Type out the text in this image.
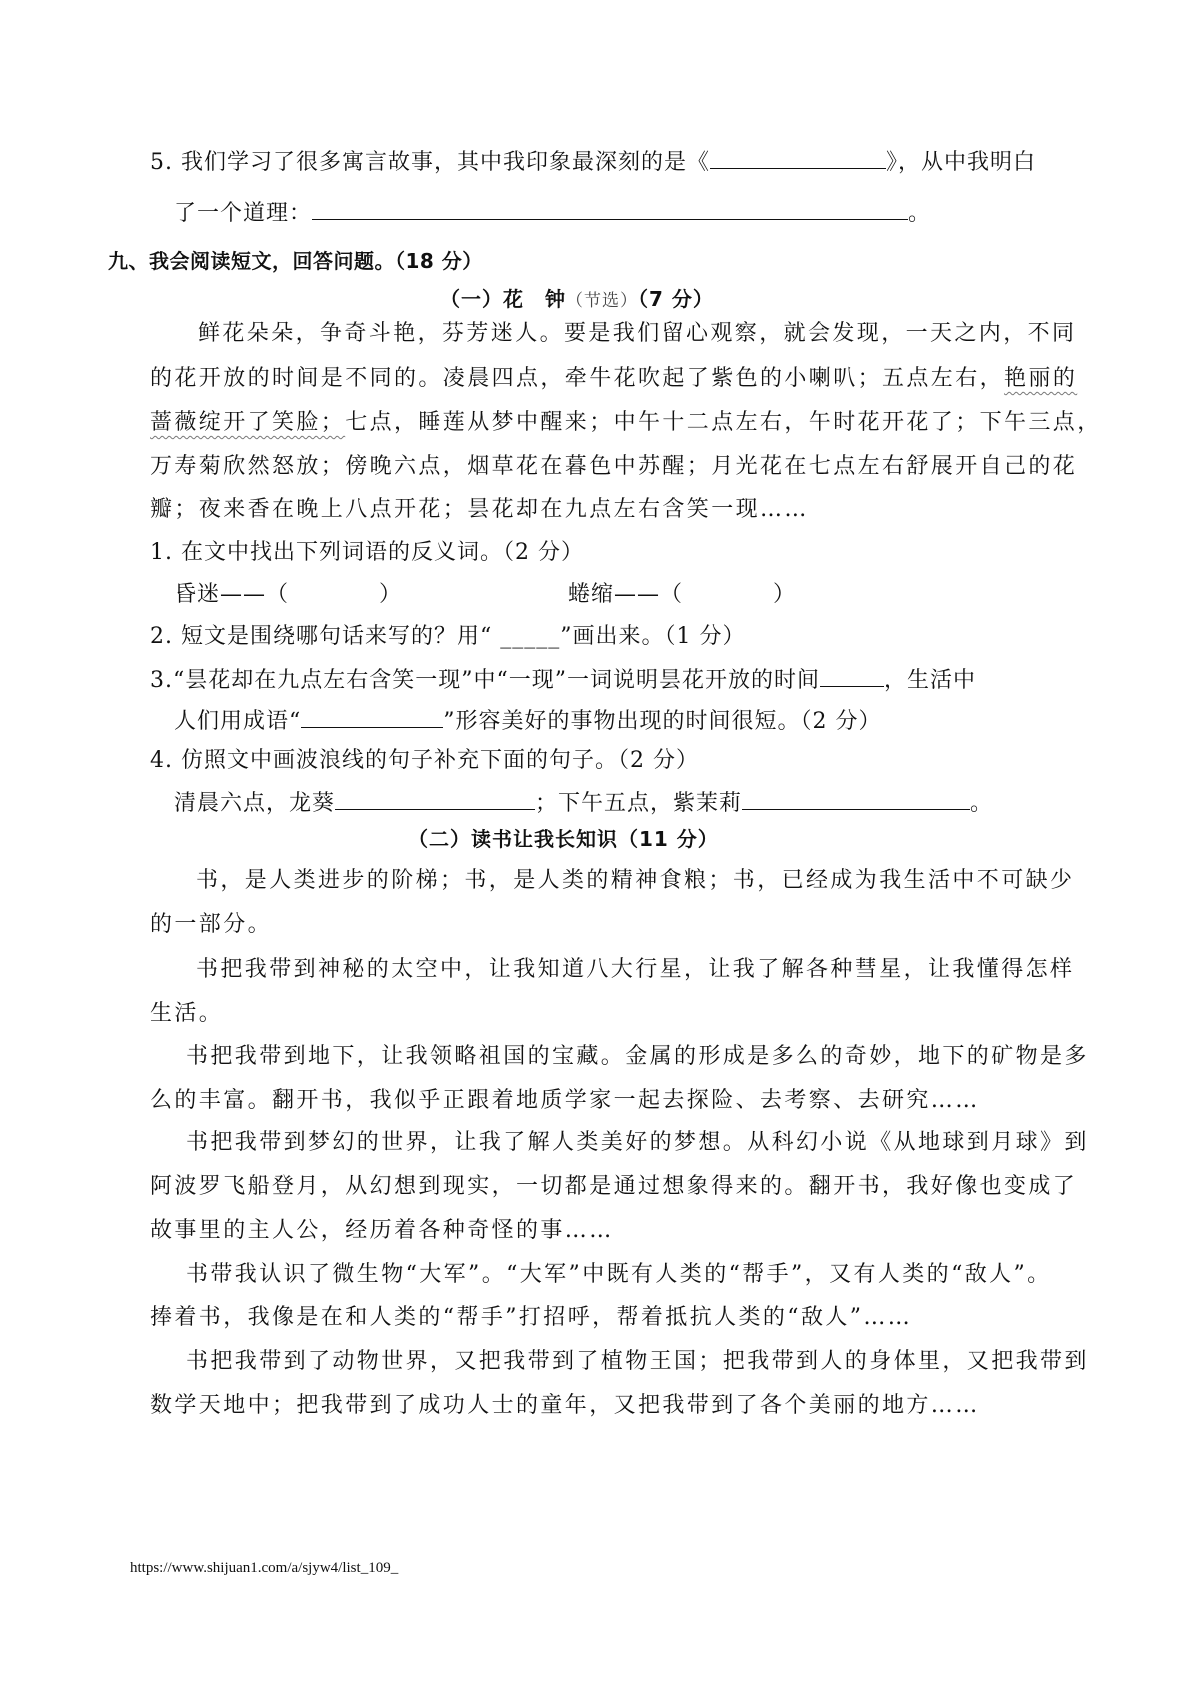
5. 我们学习了很多寓言故事，其中我印象最深刻的是《	》，从中我明白
了一个道理：	。
九、我会阅读短文，回答问题。（18 分）
（一）花　钟（节选）（7 分）
鲜花朵朵，争奇斗艳，芬芳迷人。要是我们留心观察，就会发现，一天之内，不同
的花开放的时间是不同的。凌晨四点，牵牛花吹起了紫色的小喇叭；五点左右，艳丽的
蔷薇绽开了笑脸；七点，睡莲从梦中醒来；中午十二点左右，午时花开花了；下午三点，
万寿菊欣然怒放；傍晚六点，烟草花在暮色中苏醒；月光花在七点左右舒展开自己的花
瓣；夜来香在晚上八点开花；昙花却在九点左右含笑一现……
1. 在文中找出下列词语的反义词。（2 分）
昏迷——（	）	蜷缩——（	）
2. 短文是围绕哪句话来写的？用“ _____”画出来。（1 分）
3.“昙花却在九点左右含笑一现”中“一现”一词说明昙花开放的时间	，生活中
人们用成语“	”形容美好的事物出现的时间很短。（2 分）
4. 仿照文中画波浪线的句子补充下面的句子。（2 分）
清晨六点，龙葵	；下午五点，紫茉莉	。
（二）读书让我长知识（11 分）
书，是人类进步的阶梯；书，是人类的精神食粮；书，已经成为我生活中不可缺少
的一部分。
书把我带到神秘的太空中，让我知道八大行星，让我了解各种彗星，让我懂得怎样
生活。
书把我带到地下，让我领略祖国的宝藏。金属的形成是多么的奇妙，地下的矿物是多
么的丰富。翻开书，我似乎正跟着地质学家一起去探险、去考察、去研究……
书把我带到梦幻的世界，让我了解人类美好的梦想。从科幻小说《从地球到月球》到
阿波罗飞船登月，从幻想到现实，一切都是通过想象得来的。翻开书，我好像也变成了
故事里的主人公，经历着各种奇怪的事……
书带我认识了微生物“大军”。“大军”中既有人类的“帮手”，又有人类的“敌人”。
捧着书，我像是在和人类的“帮手”打招呼，帮着抵抗人类的“敌人”……
书把我带到了动物世界，又把我带到了植物王国；把我带到人的身体里，又把我带到
数学天地中；把我带到了成功人士的童年，又把我带到了各个美丽的地方……
https://www.shijuan1.com/a/sjyw4/list_109_
